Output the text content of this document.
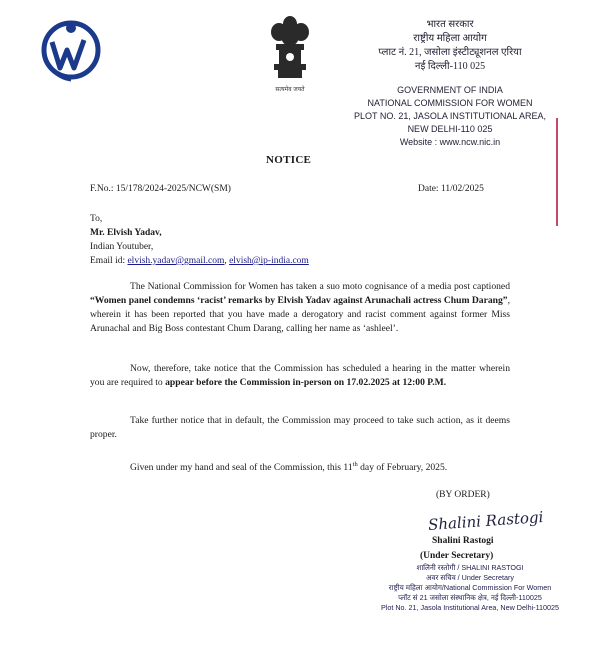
सत्यमेव जयते
भारत सरकार
राष्ट्रीय महिला आयोग
प्लाट नं. 21, जसोला इंस्टीट्यूशनल एरिया
नई दिल्ली-110 025
GOVERNMENT OF INDIA
NATIONAL COMMISSION FOR WOMEN
PLOT NO. 21, JASOLA INSTITUTIONAL AREA,
NEW DELHI-110 025
Website : www.ncw.nic.in
NOTICE
F.No.: 15/178/2024-2025/NCW(SM)	Date: 11/02/2025
To,
Mr. Elvish Yadav,
Indian Youtuber,
Email id: elvish.yadav@gmail.com, elvish@ip-india.com
The National Commission for Women has taken a suo moto cognisance of a media post captioned “Women panel condemns ‘racist’ remarks by Elvish Yadav against Arunachali actress Chum Darang”, wherein it has been reported that you have made a derogatory and racist comment against former Miss Arunachal and Big Boss contestant Chum Darang, calling her name as ‘ashleel’.
Now, therefore, take notice that the Commission has scheduled a hearing in the matter wherein you are required to appear before the Commission in-person on 17.02.2025 at 12:00 P.M.
Take further notice that in default, the Commission may proceed to take such action, as it deems proper.
Given under my hand and seal of the Commission, this 11th day of February, 2025.
(BY ORDER)
Shalini Rastogi
Shalini Rastogi
(Under Secretary)
शालिनी रस्तोगी / SHALINI RASTOGI
अवर सचिव / Under Secretary
राष्ट्रीय महिला आयोग/National Commission For Women
प्लॉट सं 21 जसोला संस्थानिक क्षेत्र, नई दिल्ली-110025
Plot No. 21, Jasola Institutional Area, New Delhi-110025
